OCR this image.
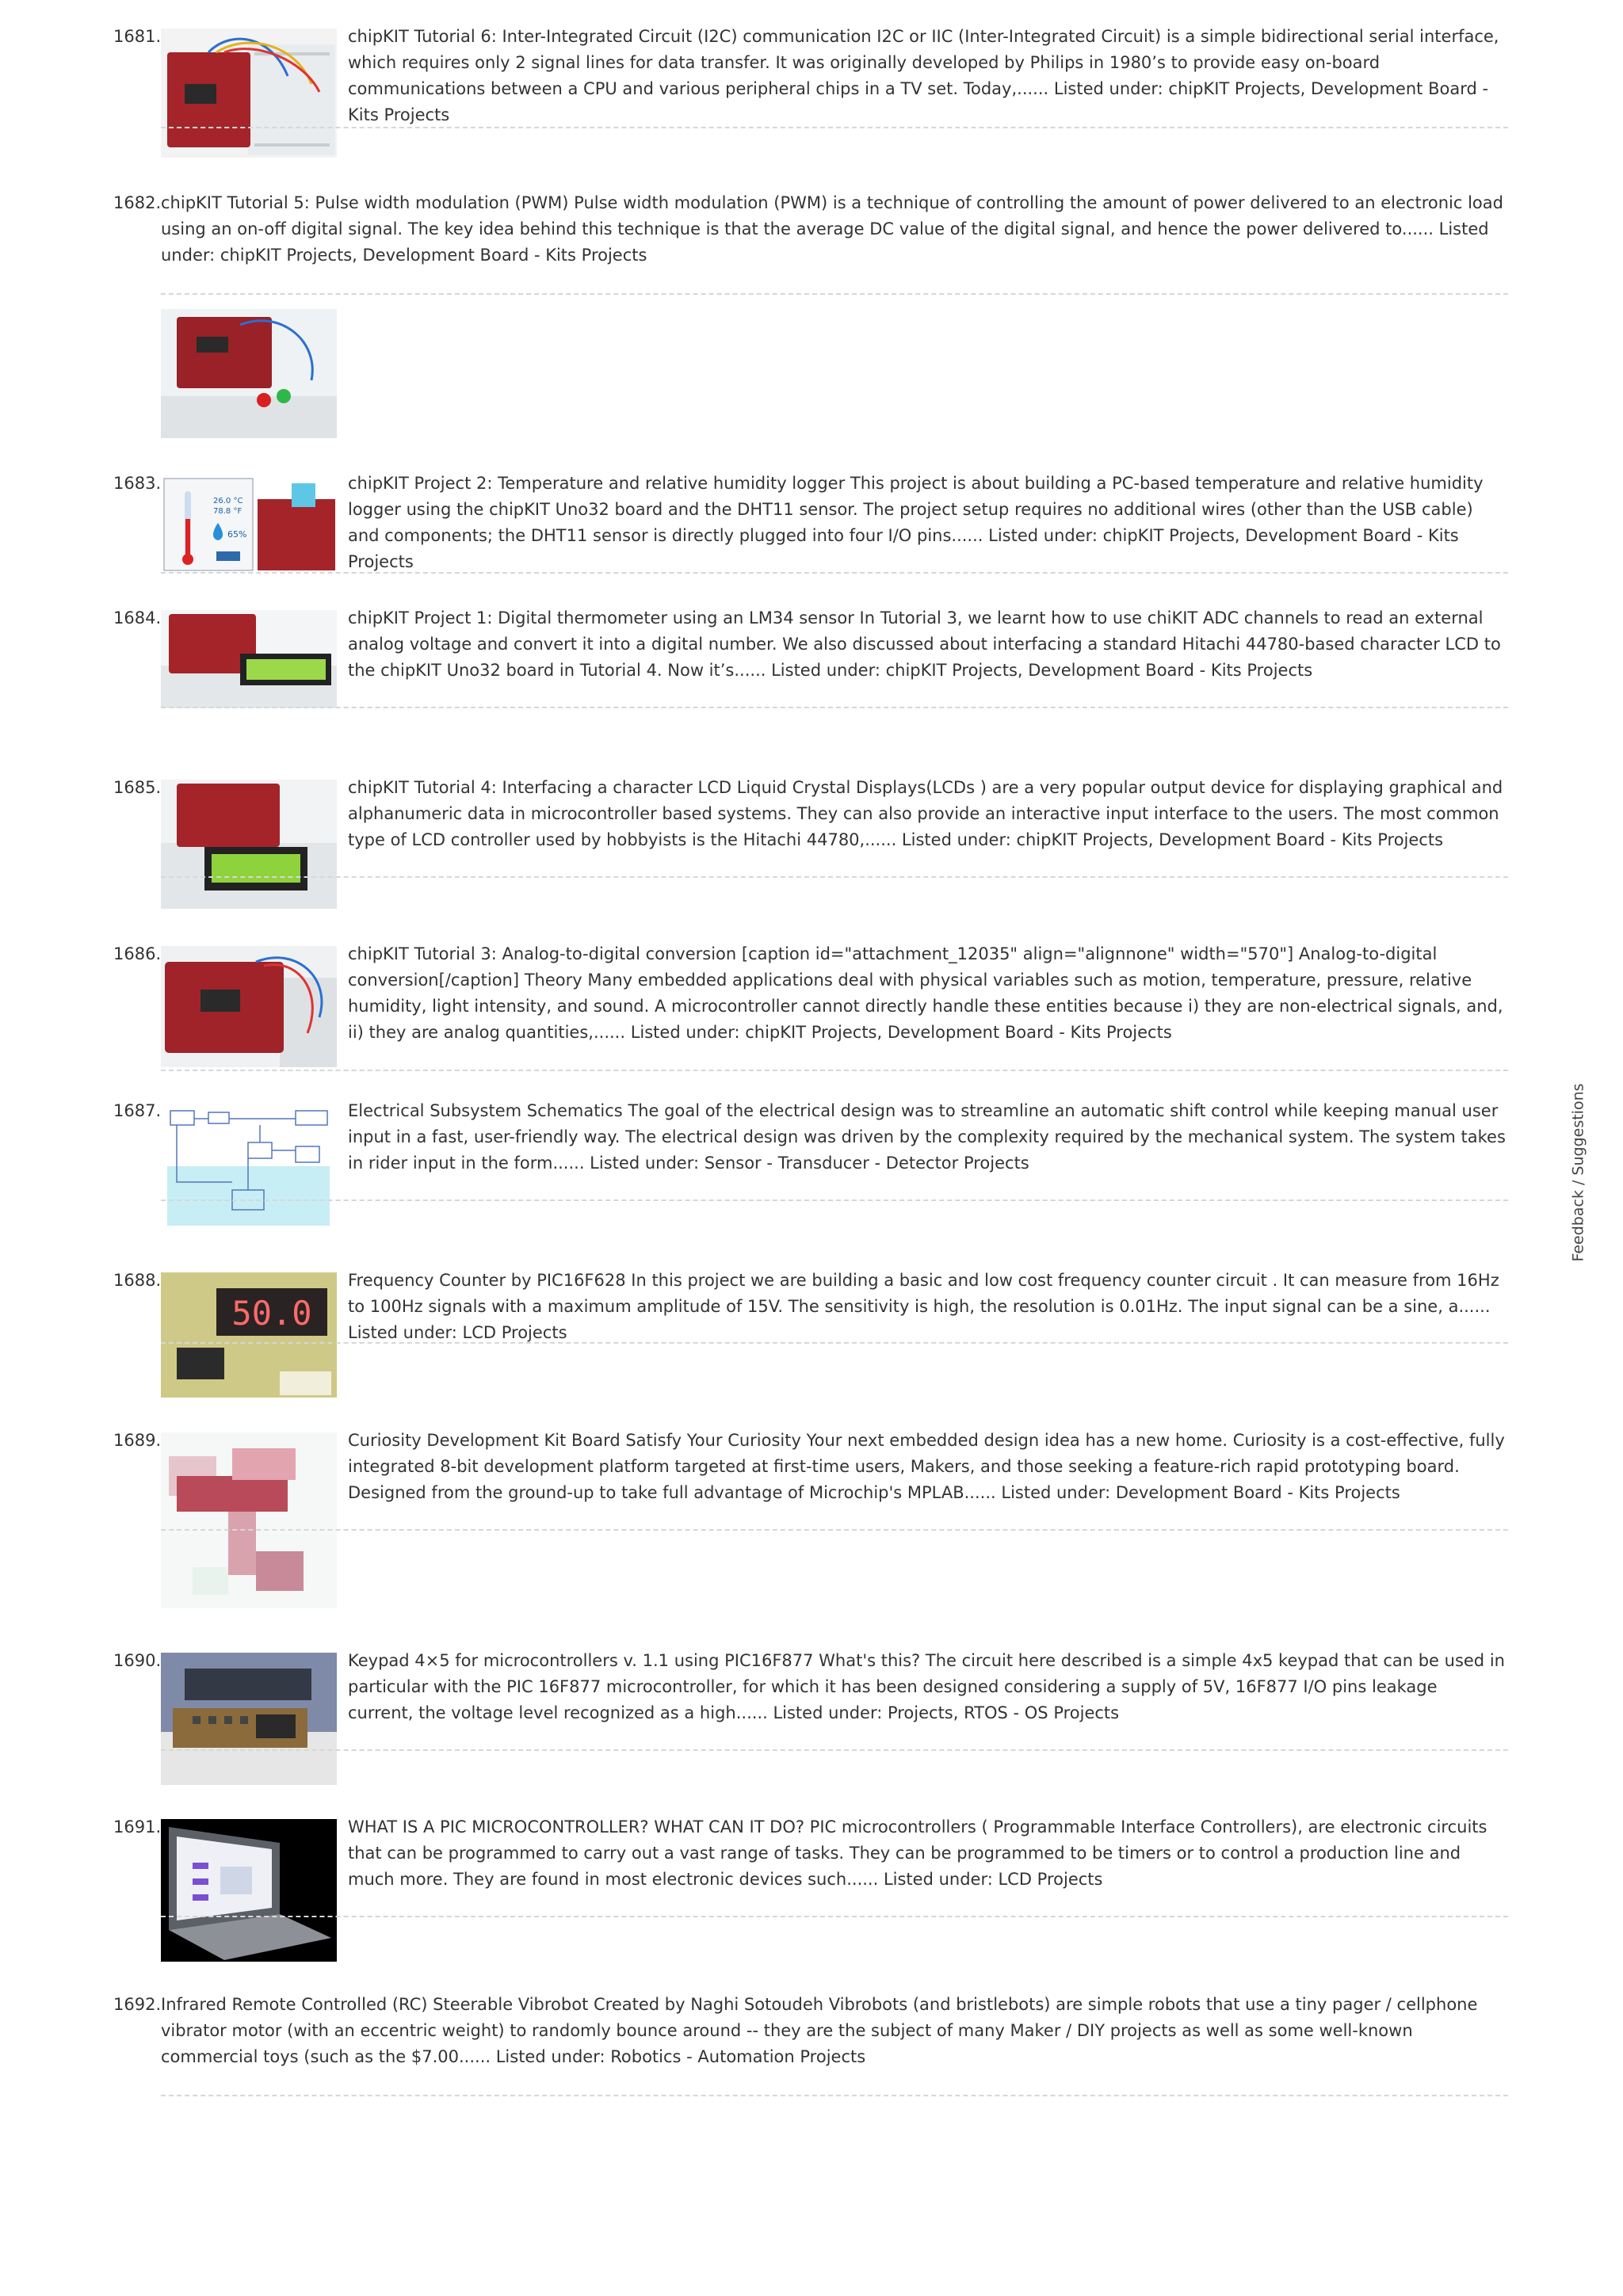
1681.	chipKIT Tutorial 6: Inter-Integrated Circuit (I2C) communication I2C or IIC (Inter-Integrated Circuit) is a simple bidirectional serial interface, which requires only 2 signal lines for data transfer. It was originally developed by Philips in 1980’s to provide easy on-board communications between a CPU and various peripheral chips in a TV set. Today,...... Listed under: chipKIT Projects, Development Board - Kits Projects
1682. chipKIT Tutorial 5: Pulse width modulation (PWM) Pulse width modulation (PWM) is a technique of controlling the amount of power delivered to an electronic load using an on-off digital signal. The key idea behind this technique is that the average DC value of the digital signal, and hence the power delivered to...... Listed under: chipKIT Projects, Development Board - Kits Projects
1683.
26.0 °C
78.8 °F
65%
chipKIT Project 2: Temperature and relative humidity logger This project is about building a PC-based temperature and relative humidity logger using the chipKIT Uno32 board and the DHT11 sensor. The project setup requires no additional wires (other than the USB cable) and components; the DHT11 sensor is directly plugged into four I/O pins...... Listed under: chipKIT Projects, Development Board - Kits Projects
1684.	chipKIT Project 1: Digital thermometer using an LM34 sensor In Tutorial 3, we learnt how to use chiKIT ADC channels to read an external analog voltage and convert it into a digital number. We also discussed about interfacing a standard Hitachi 44780-based character LCD to the chipKIT Uno32 board in Tutorial 4. Now it’s...... Listed under: chipKIT Projects, Development Board - Kits Projects
1685.	chipKIT Tutorial 4: Interfacing a character LCD Liquid Crystal Displays(LCDs ) are a very popular output device for displaying graphical and alphanumeric data in microcontroller based systems. They can also provide an interactive input interface to the users. The most common type of LCD controller used by hobbyists is the Hitachi 44780,...... Listed under: chipKIT Projects, Development Board - Kits Projects
1686.	chipKIT Tutorial 3: Analog-to-digital conversion [caption id="attachment_12035" align="alignnone" width="570"] Analog-to-digital conversion[/caption] Theory Many embedded applications deal with physical variables such as motion, temperature, pressure, relative humidity, light intensity, and sound. A microcontroller cannot directly handle these entities because i) they are non-electrical signals, and, ii) they are analog quantities,...... Listed under: chipKIT Projects, Development Board - Kits Projects
1687.	Electrical Subsystem Schematics The goal of the electrical design was to streamline an automatic shift control while keeping manual user input in a fast, user-friendly way. The electrical design was driven by the complexity required by the mechanical system. The system takes in rider input in the form...... Listed under: Sensor - Transducer - Detector Projects
1688.
50.0
Frequency Counter by PIC16F628 In this project we are building a basic and low cost frequency counter circuit . It can measure from 16Hz to 100Hz signals with a maximum amplitude of 15V. The sensitivity is high, the resolution is 0.01Hz. The input signal can be a sine, a...... Listed under: LCD Projects
1689.	Curiosity Development Kit Board Satisfy Your Curiosity Your next embedded design idea has a new home. Curiosity is a cost-effective, fully integrated 8-bit development platform targeted at first-time users, Makers, and those seeking a feature-rich rapid prototyping board. Designed from the ground-up to take full advantage of Microchip's MPLAB...... Listed under: Development Board - Kits Projects
1690.	Keypad 4×5 for microcontrollers v. 1.1 using PIC16F877 What's this? The circuit here described is a simple 4x5 keypad that can be used in particular with the PIC 16F877 microcontroller, for which it has been designed considering a supply of 5V, 16F877 I/O pins leakage current, the voltage level recognized as a high...... Listed under: Projects, RTOS - OS Projects
1691.	WHAT IS A PIC MICROCONTROLLER? WHAT CAN IT DO? PIC microcontrollers ( Programmable Interface Controllers), are electronic circuits that can be programmed to carry out a vast range of tasks. They can be programmed to be timers or to control a production line and much more. They are found in most electronic devices such...... Listed under: LCD Projects
1692. Infrared Remote Controlled (RC) Steerable Vibrobot Created by Naghi Sotoudeh Vibrobots (and bristlebots) are simple robots that use a tiny pager / cellphone vibrator motor (with an eccentric weight) to randomly bounce around -- they are the subject of many Maker / DIY projects as well as some well-known commercial toys (such as the $7.00...... Listed under: Robotics - Automation Projects
Feedback / Suggestions
